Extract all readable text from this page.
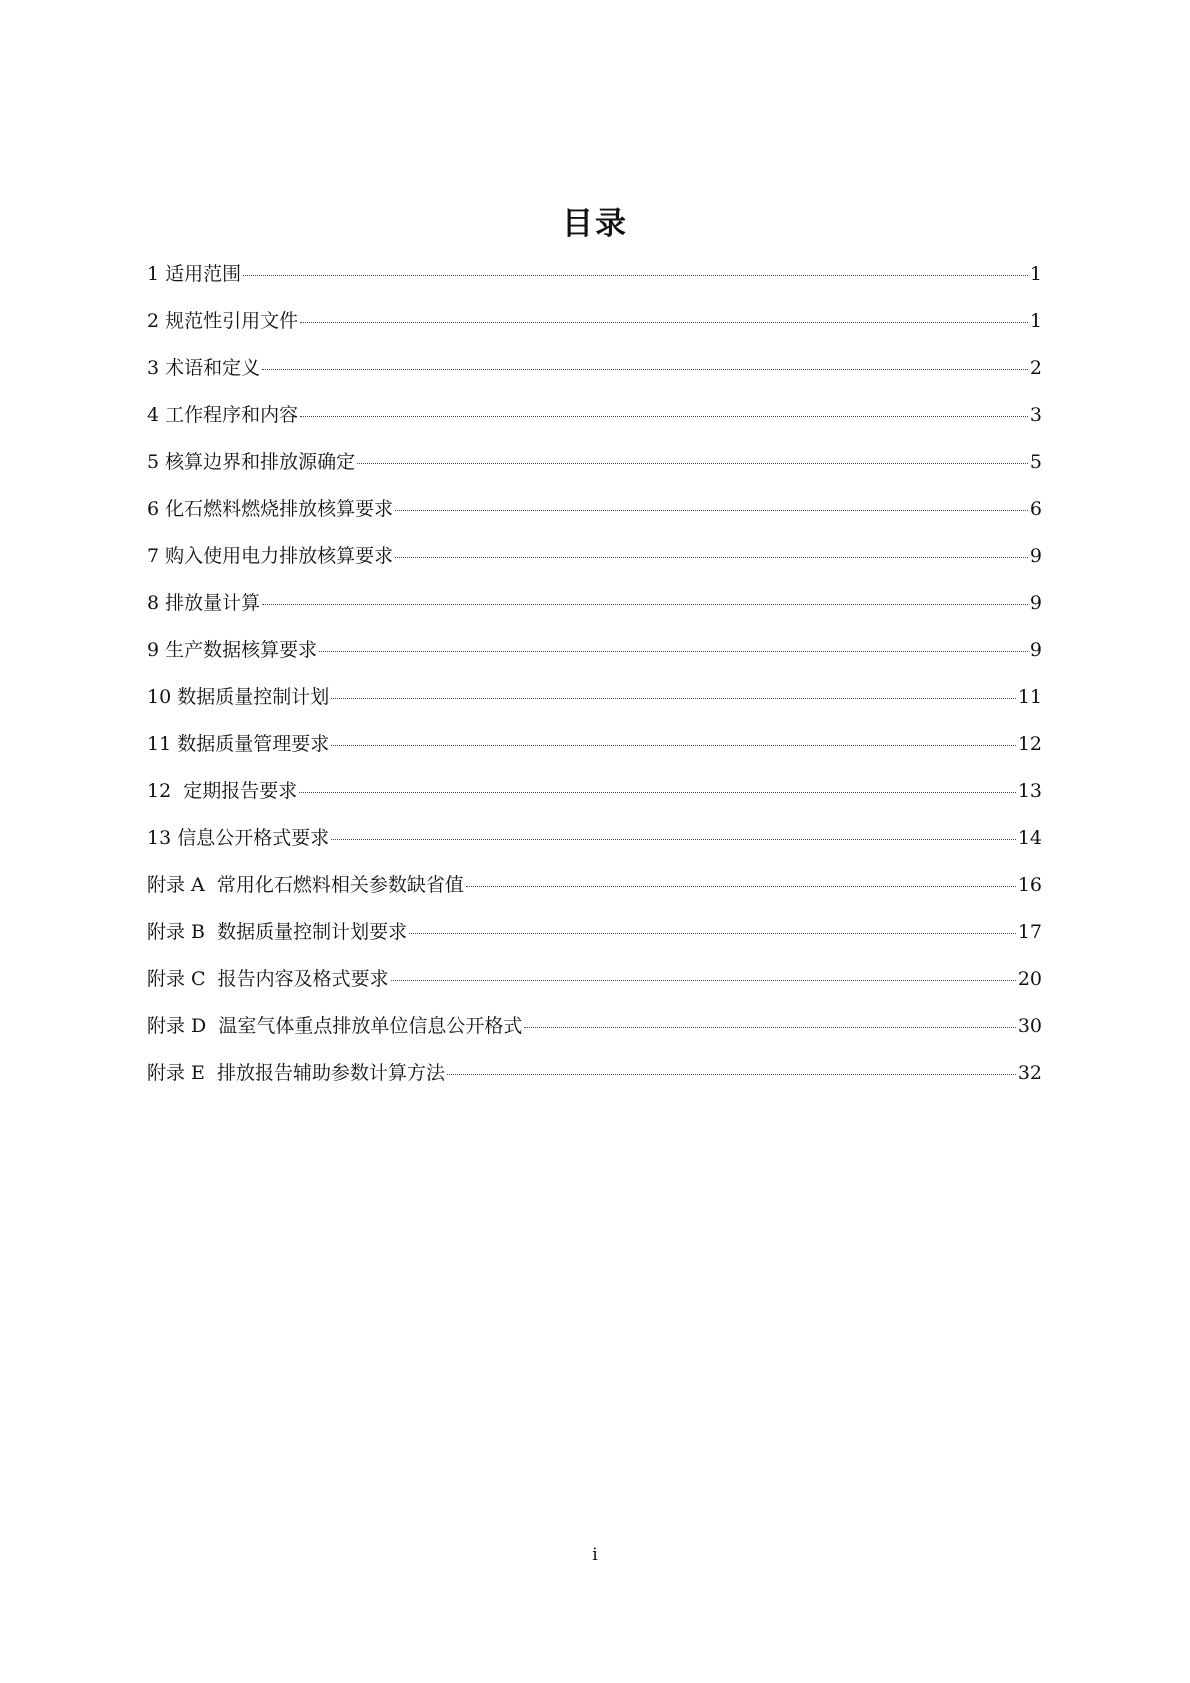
目录
1 适用范围	1
2 规范性引用文件	1
3 术语和定义	2
4 工作程序和内容	3
5 核算边界和排放源确定	5
6 化石燃料燃烧排放核算要求	6
7 购入使用电力排放核算要求	9
8 排放量计算	9
9 生产数据核算要求	9
10 数据质量控制计划	11
11 数据质量管理要求	12
12  定期报告要求	13
13 信息公开格式要求	14
附录 A  常用化石燃料相关参数缺省值	16
附录 B  数据质量控制计划要求	17
附录 C  报告内容及格式要求	20
附录 D  温室气体重点排放单位信息公开格式	30
附录 E  排放报告辅助参数计算方法	32
i
